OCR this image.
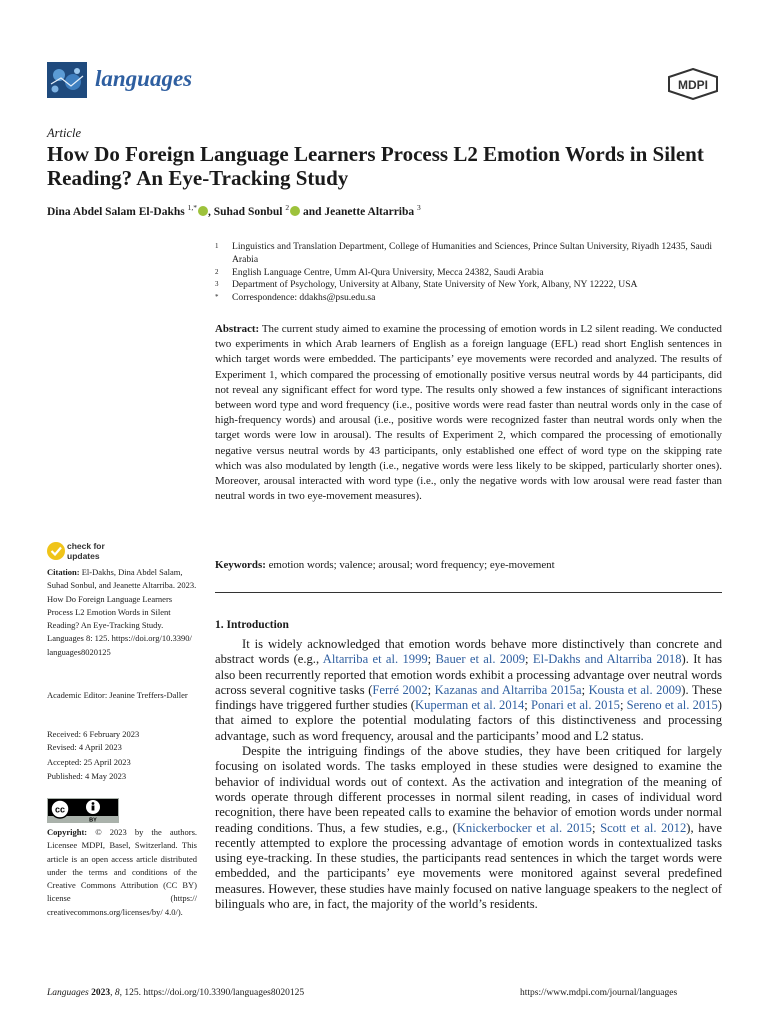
languages	MDPI
Article
How Do Foreign Language Learners Process L2 Emotion Words in Silent Reading? An Eye-Tracking Study
Dina Abdel Salam El-Dakhs $^{1,*}$ , Suhad Sonbul $^2$ and Jeanette Altarriba $^3$
1	Linguistics and Translation Department, College of Humanities and Sciences, Prince Sultan University, Riyadh 12435, Saudi Arabia
2	English Language Centre, Umm Al-Qura University, Mecca 24382, Saudi Arabia
3	Department of Psychology, University at Albany, State University of New York, Albany, NY 12222, USA
*	Correspondence: ddakhs@psu.edu.sa
Abstract: The current study aimed to examine the processing of emotion words in L2 silent reading. We conducted two experiments in which Arab learners of English as a foreign language (EFL) read short English sentences in which target words were embedded. The participants’ eye movements were recorded and analyzed. The results of Experiment 1, which compared the processing of emotionally positive versus neutral words by 44 participants, did not reveal any significant effect for word type. The results only showed a few instances of significant interactions between word type and word frequency (i.e., positive words were read faster than neutral words only in the case of high-frequency words) and arousal (i.e., positive words were recognized faster than neutral words only when the target words were low in arousal). The results of Experiment 2, which compared the processing of emotionally negative versus neutral words by 43 participants, only established one effect of word type on the skipping rate which was also modulated by length (i.e., negative words were less likely to be skipped, particularly shorter ones). Moreover, arousal interacted with word type (i.e., only the negative words with low arousal were read faster than neutral words in two eye-movement measures).
Keywords: emotion words; valence; arousal; word frequency; eye-movement
check for
updates
Citation: El-Dakhs, Dina Abdel Salam, Suhad Sonbul, and Jeanette Altarriba. 2023. How Do Foreign Language Learners Process L2 Emotion Words in Silent Reading? An Eye-Tracking Study. Languages 8: 125. https://doi.org/10.3390/ languages8020125
Academic Editor: Jeanine Treffers-Daller
Received: 6 February 2023
Revised: 4 April 2023
Accepted: 25 April 2023
Published: 4 May 2023
cc
BY
Copyright: © 2023 by the authors. Licensee MDPI, Basel, Switzerland. This article is an open access article distributed under the terms and conditions of the Creative Commons Attribution (CC BY) license (https:// creativecommons.org/licenses/by/ 4.0/).
1. Introduction

It is widely acknowledged that emotion words behave more distinctively than concrete and abstract words (e.g., Altarriba et al. 1999; Bauer et al. 2009; El-Dakhs and Altarriba 2018). It has also been recurrently reported that emotion words exhibit a processing advantage over neutral words across several cognitive tasks (Ferré 2002; Kazanas and Altarriba 2015a; Kousta et al. 2009). These findings have triggered further studies (Kuperman et al. 2014; Ponari et al. 2015; Sereno et al. 2015) that aimed to explore the potential modulating factors of this distinctiveness and processing advantage, such as word frequency, arousal and the participants’ mood and L2 status.

Despite the intriguing findings of the above studies, they have been critiqued for largely focusing on isolated words. The tasks employed in these studies were designed to examine the behavior of individual words out of context. As the activation and integration of the meaning of words operate through different processes in normal silent reading, in cases of individual word recognition, there have been repeated calls to examine the behavior of emotion words under normal reading conditions. Thus, a few studies, e.g., (Knickerbocker et al. 2015; Scott et al. 2012), have recently attempted to explore the processing advantage of emotion words in contextualized tasks using eye-tracking. In these studies, the participants read sentences in which the target words were embedded, and the participants’ eye movements were monitored against several predefined measures. However, these studies have mainly focused on native language speakers to the neglect of bilinguals who are, in fact, the majority of the world’s residents.

Languages 2023, 8, 125. https://doi.org/10.3390/languages8020125	https://www.mdpi.com/journal/languages
